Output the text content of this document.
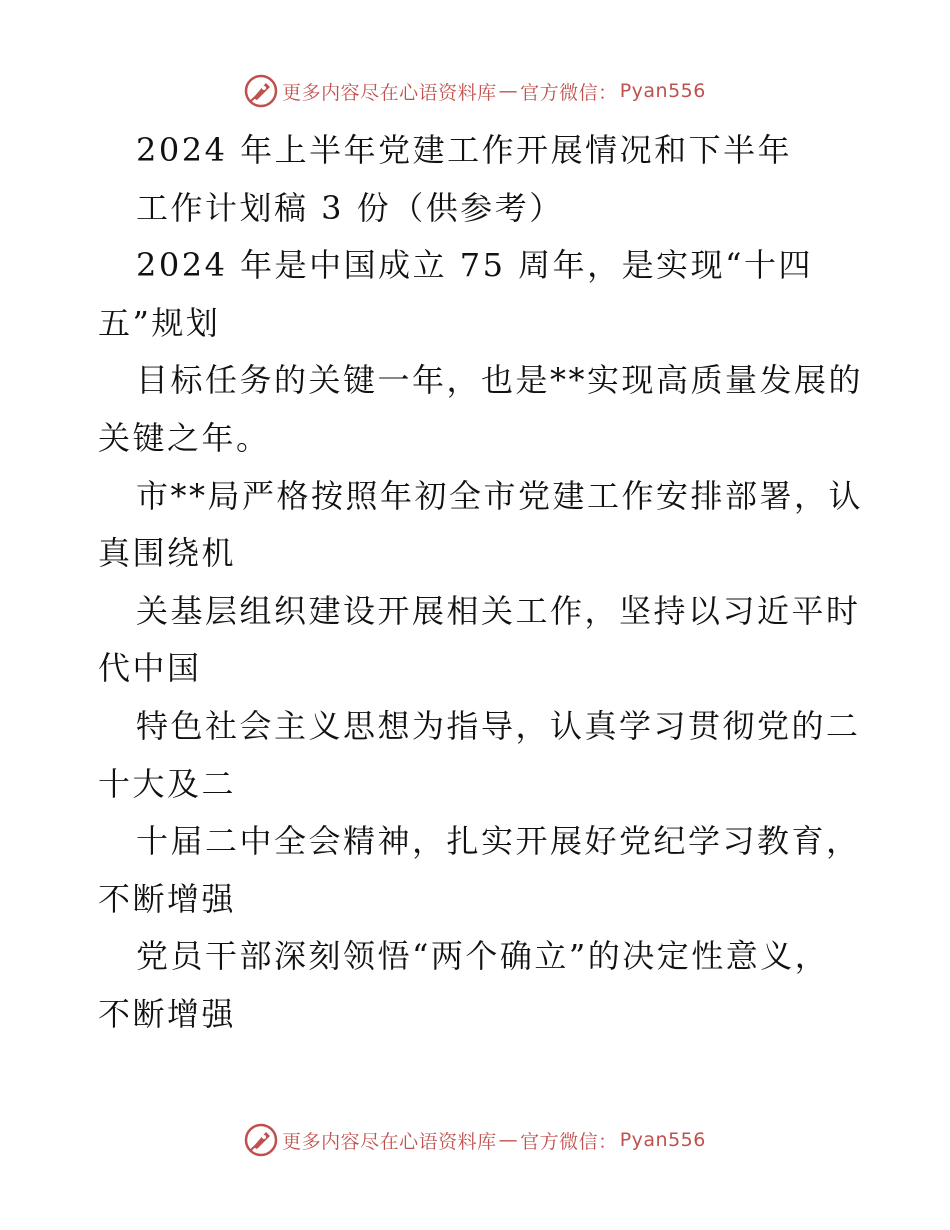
更多内容尽在心语资料库 — 官方微信： Pyan556
2024 年上半年党建工作开展情况和下半年
工作计划稿 3 份（供参考）
2024 年是中国成立 75 周年，是实现“十四
五”规划
目标任务的关键一年，也是**实现高质量发展的
关键之年。
市**局严格按照年初全市党建工作安排部署，认
真围绕机
关基层组织建设开展相关工作，坚持以习近平时
代中国
特色社会主义思想为指导，认真学习贯彻党的二
十大及二
十届二中全会精神，扎实开展好党纪学习教育，
不断增强
党员干部深刻领悟“两个确立”的决定性意义，
不断增强
更多内容尽在心语资料库 — 官方微信： Pyan556
